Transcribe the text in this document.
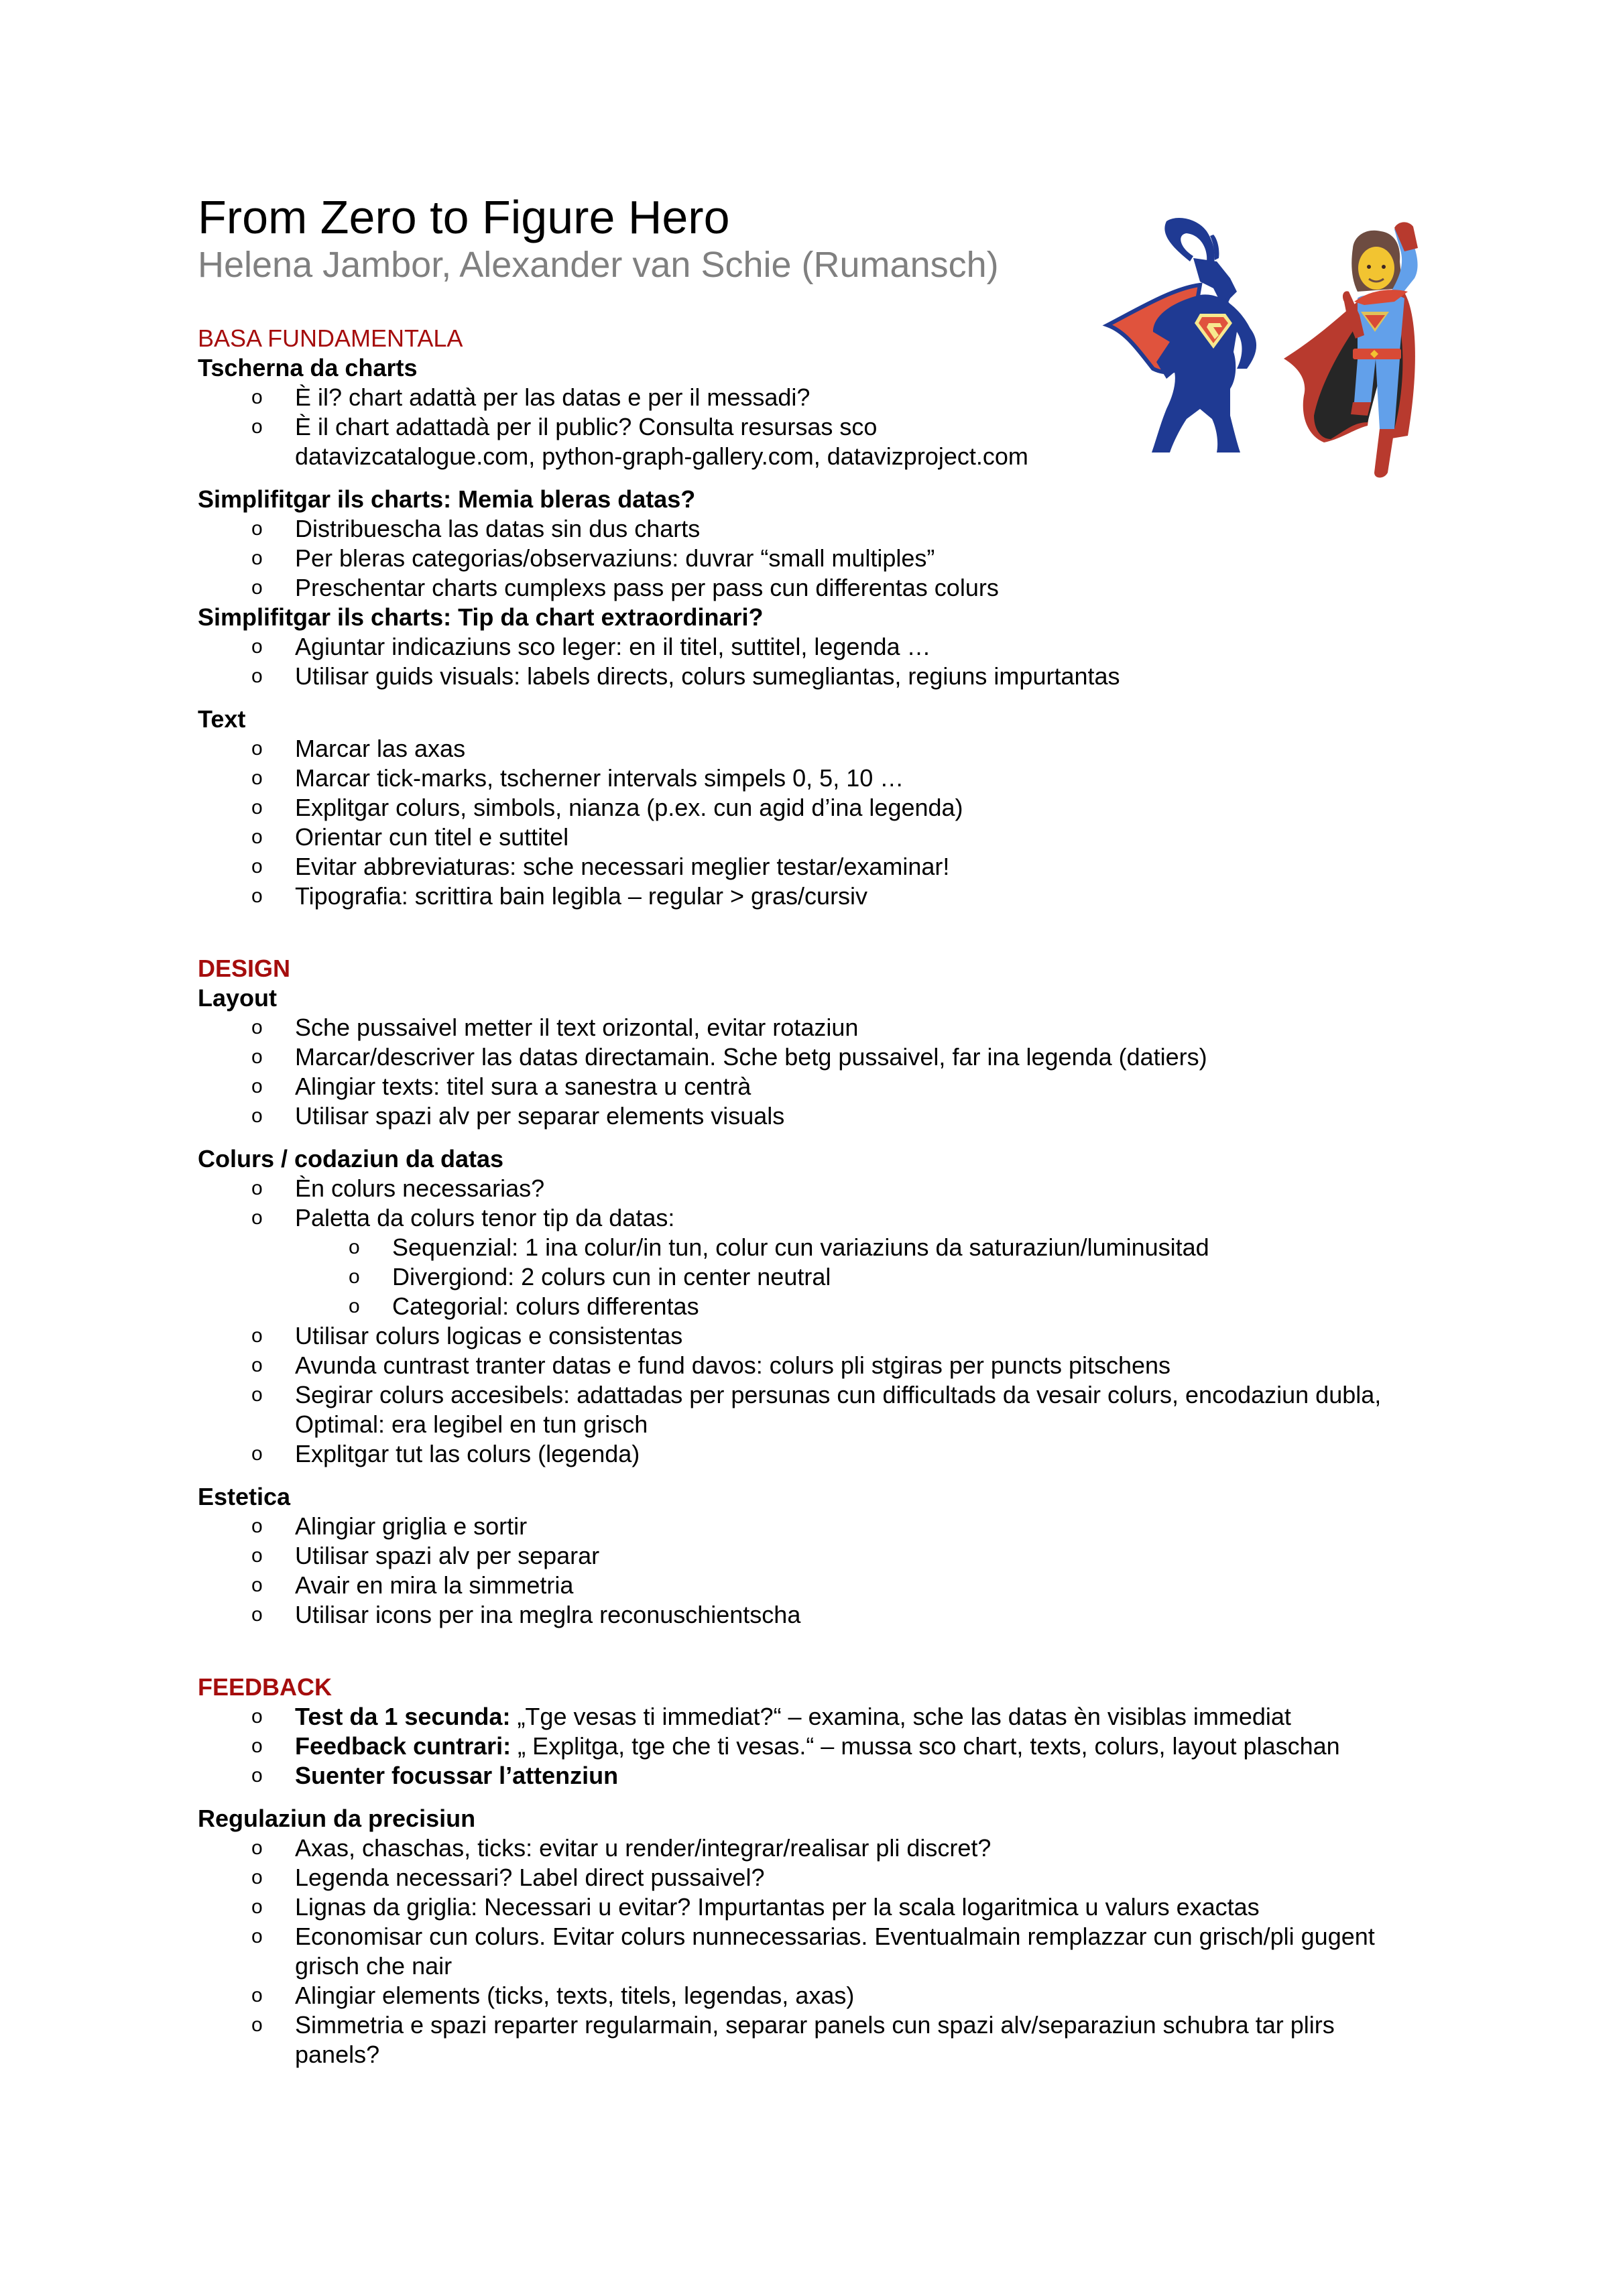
From Zero to Figure Hero
Helena Jambor, Alexander van Schie (Rumansch)
BASA FUNDAMENTALA
Tscherna da charts
o È il? chart adattà per las datas e per il messadi?
o È il chart adattadà per il public? Consulta resursas sco datavizcatalogue.com, python-graph-gallery.com, datavizproject.com
Simplifitgar ils charts: Memia bleras datas?
o Distribuescha las datas sin dus charts
o Per bleras categorias/observaziuns: duvrar “small multiples”
o Preschentar charts cumplexs pass per pass cun differentas colurs
Simplifitgar ils charts: Tip da chart extraordinari?
o Agiuntar indicaziuns sco leger: en il titel, suttitel, legenda …
o Utilisar guids visuals: labels directs, colurs sumegliantas, regiuns impurtantas
Text
o Marcar las axas
o Marcar tick-marks, tscherner intervals simpels 0, 5, 10 …
o Explitgar colurs, simbols, nianza (p.ex. cun agid d’ina legenda)
o Orientar cun titel e suttitel
o Evitar abbreviaturas: sche necessari meglier testar/examinar!
o Tipografia: scrittira bain legibla – regular > gras/cursiv
DESIGN
Layout
o Sche pussaivel metter il text orizontal, evitar rotaziun
o Marcar/descriver las datas directamain. Sche betg pussaivel, far ina legenda (datiers)
o Alingiar texts: titel sura a sanestra u centrà
o Utilisar spazi alv per separar elements visuals
Colurs / codaziun da datas
o Èn colurs necessarias?
o Paletta da colurs tenor tip da datas:
o Sequenzial: 1 ina colur/in tun, colur cun variaziuns da saturaziun/luminusitad
o Divergiond: 2 colurs cun in center neutral
o Categorial: colurs differentas
o Utilisar colurs logicas e consistentas
o Avunda cuntrast tranter datas e fund davos: colurs pli stgiras per puncts pitschens
o Segirar colurs accesibels: adattadas per persunas cun difficultads da vesair colurs, encodaziun dubla, Optimal: era legibel en tun grisch
o Explitgar tut las colurs (legenda)
Estetica
o Alingiar griglia e sortir
o Utilisar spazi alv per separar
o Avair en mira la simmetria
o Utilisar icons per ina meglra reconuschientscha
FEEDBACK
o Test da 1 secunda: „Tge vesas ti immediat?“ – examina, sche las datas èn visiblas immediat
o Feedback cuntrari: „ Explitga, tge che ti vesas.“ – mussa sco chart, texts, colurs, layout plaschan
o Suenter focussar l’attenziun
Regulaziun da precisiun
o Axas, chaschas, ticks: evitar u render/integrar/realisar pli discret?
o Legenda necessari? Label direct pussaivel?
o Lignas da griglia: Necessari u evitar? Impurtantas per la scala logaritmica u valurs exactas
o Economisar cun colurs. Evitar colurs nunnecessarias. Eventualmain remplazzar cun grisch/pli gugent grisch che nair
o Alingiar elements (ticks, texts, titels, legendas, axas)
o Simmetria e spazi reparter regularmain, separar panels cun spazi alv/separaziun schubra tar plirs panels?
